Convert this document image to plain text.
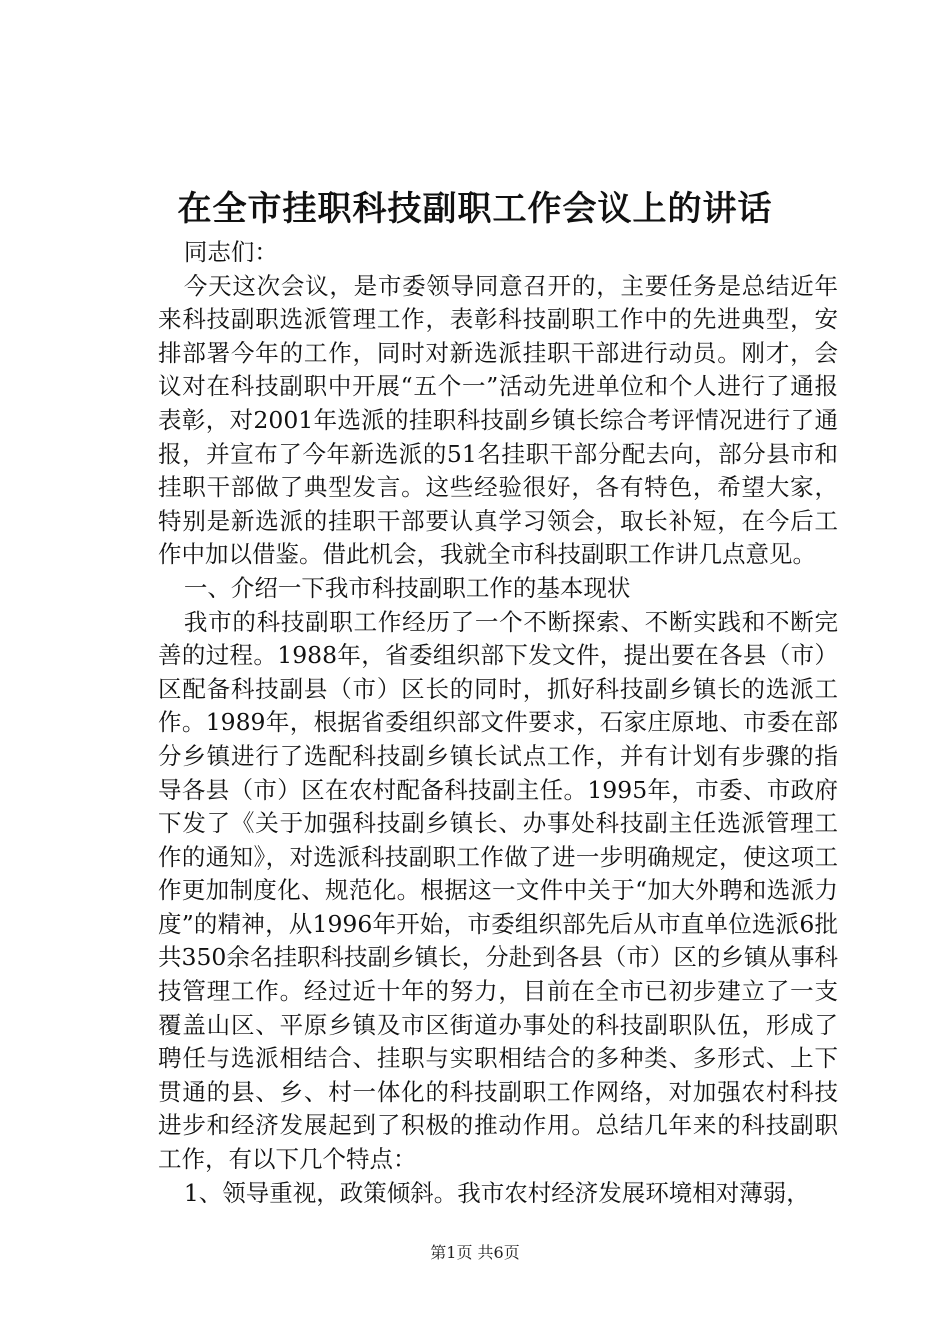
在全市挂职科技副职工作会议上的讲话

同志们：

今天这次会议，是市委领导同意召开的，主要任务是总结近年来科技副职选派管理工作，表彰科技副职工作中的先进典型，安排部署今年的工作，同时对新选派挂职干部进行动员。刚才，会议对在科技副职中开展“五个一”活动先进单位和个人进行了通报表彰，对2001年选派的挂职科技副乡镇长综合考评情况进行了通报，并宣布了今年新选派的51名挂职干部分配去向，部分县市和挂职干部做了典型发言。这些经验很好，各有特色，希望大家，特别是新选派的挂职干部要认真学习领会，取长补短，在今后工作中加以借鉴。借此机会，我就全市科技副职工作讲几点意见。

一、介绍一下我市科技副职工作的基本现状

我市的科技副职工作经历了一个不断探索、不断实践和不断完善的过程。1988年，省委组织部下发文件，提出要在各县（市）区配备科技副县（市）区长的同时，抓好科技副乡镇长的选派工作。1989年，根据省委组织部文件要求，石家庄原地、市委在部分乡镇进行了选配科技副乡镇长试点工作，并有计划有步骤的指导各县（市）区在农村配备科技副主任。1995年，市委、市政府下发了《关于加强科技副乡镇长、办事处科技副主任选派管理工作的通知》，对选派科技副职工作做了进一步明确规定，使这项工作更加制度化、规范化。根据这一文件中关于“加大外聘和选派力度”的精神，从1996年开始，市委组织部先后从市直单位选派6批共350余名挂职科技副乡镇长，分赴到各县（市）区的乡镇从事科技管理工作。经过近十年的努力，目前在全市已初步建立了一支覆盖山区、平原乡镇及市区街道办事处的科技副职队伍，形成了聘任与选派相结合、挂职与实职相结合的多种类、多形式、上下贯通的县、乡、村一体化的科技副职工作网络，对加强农村科技进步和经济发展起到了积极的推动作用。总结几年来的科技副职工作，有以下几个特点：

1、领导重视，政策倾斜。我市农村经济发展环境相对薄弱，

第1页 共6页
